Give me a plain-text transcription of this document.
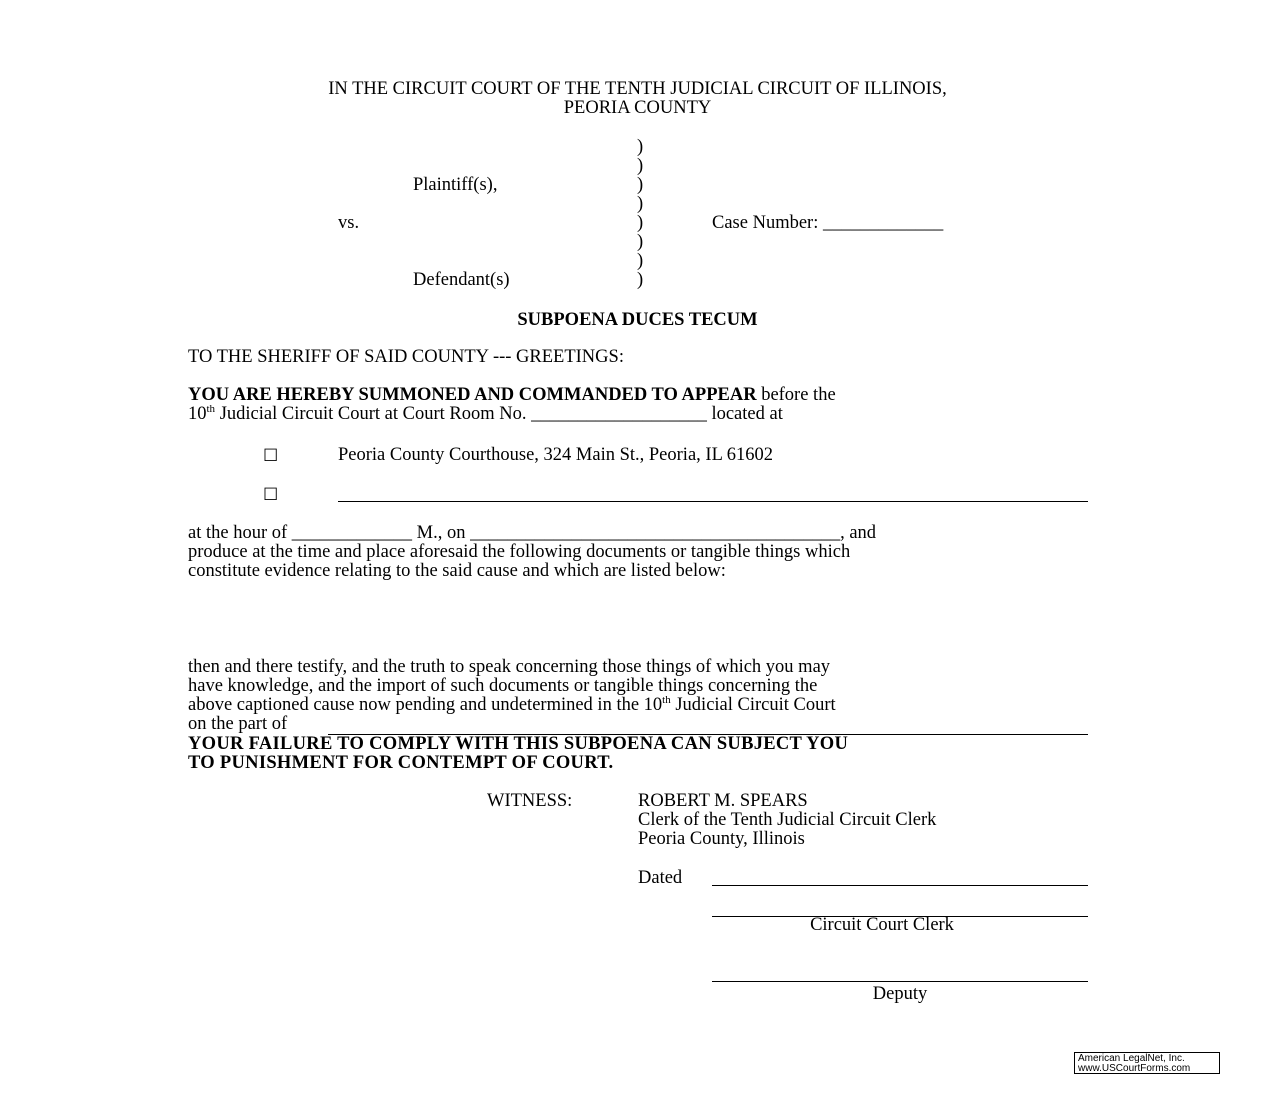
IN THE CIRCUIT COURT OF THE TENTH JUDICIAL CIRCUIT OF ILLINOIS,
PEORIA COUNTY
)
)
)
)
)
)
)
)
Plaintiff(s),
vs.
Defendant(s)
Case Number: _____________
SUBPOENA DUCES TECUM
TO THE SHERIFF OF SAID COUNTY --- GREETINGS:
YOU ARE HEREBY SUMMONED AND COMMANDED TO APPEAR before the
10th Judicial Circuit Court at Court Room No. ___________________ located at
☐	Peoria County Courthouse, 324 Main St., Peoria, IL 61602
☐
at the hour of _____________ M., on ________________________________________, and
produce at the time and place aforesaid the following documents or tangible things which
constitute evidence relating to the said cause and which are listed below:
then and there testify, and the truth to speak concerning those things of which you may
have knowledge, and the import of such documents or tangible things concerning the
above captioned cause now pending and undetermined in the 10th Judicial Circuit Court
on the part of
YOUR FAILURE TO COMPLY WITH THIS SUBPOENA CAN SUBJECT YOU
TO PUNISHMENT FOR CONTEMPT OF COURT.
WITNESS:	ROBERT M. SPEARS
Clerk of the Tenth Judicial Circuit Clerk
Peoria County, Illinois
Dated
Circuit Court Clerk
Deputy
American LegalNet, Inc.
www.USCourtForms.com
